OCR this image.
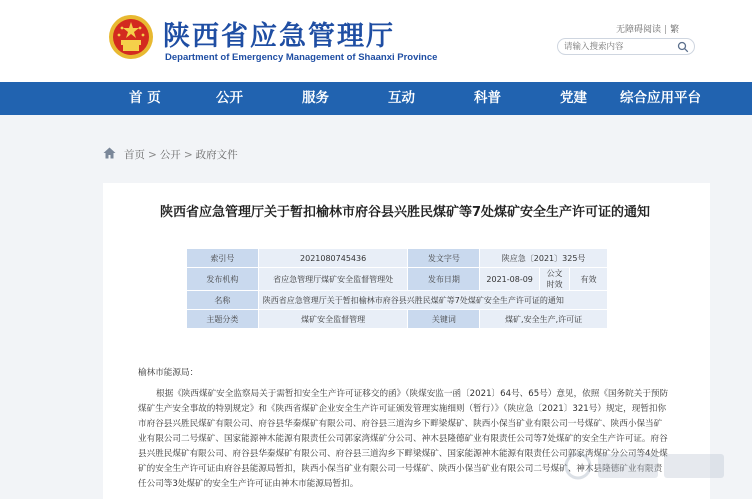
陕西省应急管理厅
Department of Emergency Management of Shaanxi Province
无障碍阅读 | 繁
请输入搜索内容
首 页	公开	服务	互动	科普	党建 综合应用平台
首页 > 公开 > 政府文件
陕西省应急管理厅关于暂扣榆林市府谷县兴胜民煤矿等7处煤矿安全生产许可证的通知
索引号	2021080745436	发文字号	陕应急〔2021〕325号		
发布机构	省应急管理厅煤矿安全监督管理处	发布日期	2021-08-09	公文时效	有效
名称	陕西省应急管理厅关于暂扣榆林市府谷县兴胜民煤矿等7处煤矿安全生产许可证的通知				
主题分类	煤矿安全监督管理	关键词	煤矿,安全生产,许可证		
榆林市能源局：
根据《陕西煤矿安全监察局关于需暂扣安全生产许可证移交的函》（陕煤安监一函〔2021〕64号、65号）意见，依照《国务院关于预防煤矿生产安全事故的特别规定》和《陕西省煤矿企业安全生产许可证颁发管理实施细则（暂行）》（陕应急〔2021〕321号）规定，现暂扣你市府谷县兴胜民煤矿有限公司、府谷县华秦煤矿有限公司、府谷县三道沟乡下畔梁煤矿、陕西小保当矿业有限公司一号煤矿、陕西小保当矿业有限公司二号煤矿、国家能源神木能源有限责任公司郭家湾煤矿分公司、神木县隆德矿业有限责任公司等7处煤矿的安全生产许可证。府谷县兴胜民煤矿有限公司、府谷县华秦煤矿有限公司、府谷县三道沟乡下畔梁煤矿、国家能源神木能源有限责任公司郭家湾煤矿分公司等4处煤矿的安全生产许可证由府谷县能源局暂扣，陕西小保当矿业有限公司一号煤矿、陕西小保当矿业有限公司二号煤矿、神木县隆德矿业有限责任公司等3处煤矿的安全生产许可证由神木市能源局暂扣。
